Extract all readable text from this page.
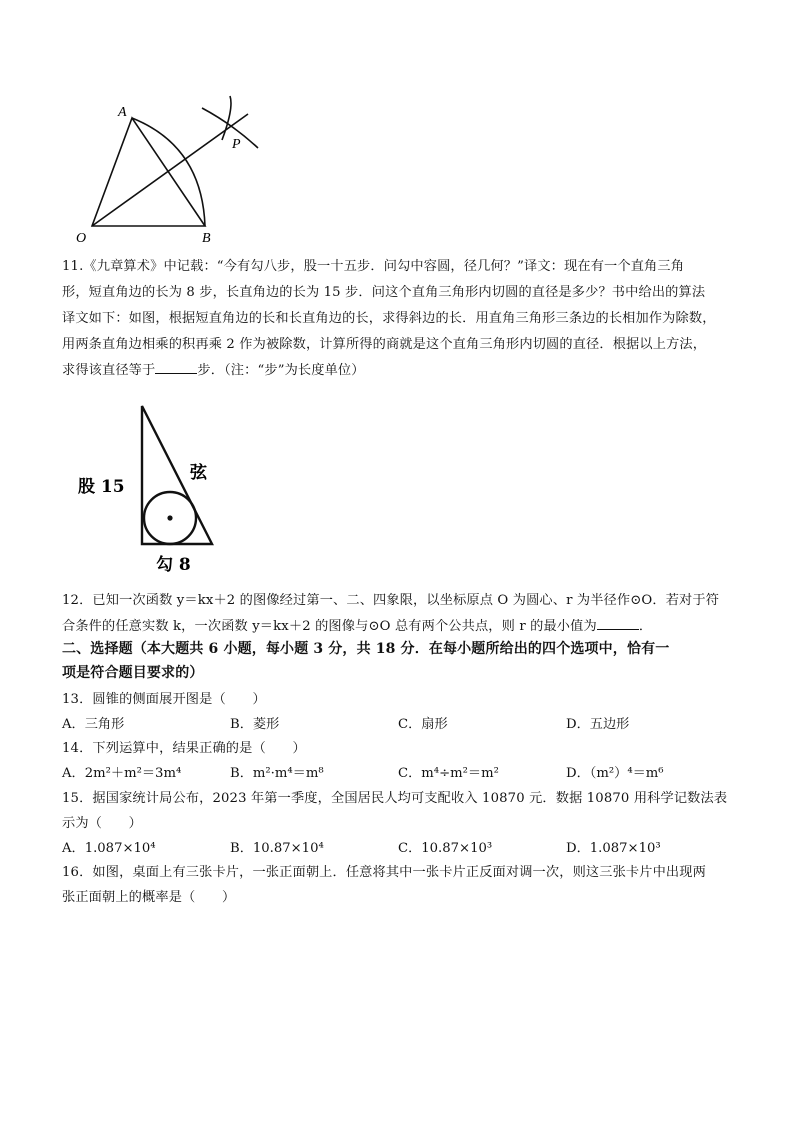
A
O	B
P
11.《九章算术》中记载：“今有勾八步，股一十五步．问勾中容圆，径几何？”译文：现在有一个直角三角
形，短直角边的长为 8 步，长直角边的长为 15 步．问这个直角三角形内切圆的直径是多少？书中给出的算法
译文如下：如图，根据短直角边的长和长直角边的长，求得斜边的长．用直角三角形三条边的长相加作为除数，
用两条直角边相乘的积再乘 2 作为被除数，计算所得的商就是这个直角三角形内切圆的直径．根据以上方法，
求得该直径等于	步．（注：“步”为长度单位）
股 15
弦
勾 8
12．已知一次函数 y＝kx＋2 的图像经过第一、二、四象限，以坐标原点 O 为圆心、r 为半径作⊙O．若对于符
合条件的任意实数 k，一次函数 y＝kx＋2 的图像与⊙O 总有两个公共点，则 r 的最小值为	．
二、选择题（本大题共 6 小题，每小题 3 分，共 18 分．在每小题所给出的四个选项中，恰有一
项是符合题目要求的）
13．圆锥的侧面展开图是（　　）
A．三角形	B．菱形	C．扇形	D．五边形
14．下列运算中，结果正确的是（　　）
A．2m²＋m²＝3m⁴	B．m²·m⁴＝m⁸	C．m⁴÷m²＝m²	D．（m²）⁴＝m⁶
15．据国家统计局公布，2023 年第一季度，全国居民人均可支配收入 10870 元．数据 10870 用科学记数法表
示为（　　）
A．1.087×10⁴	B．10.87×10⁴	C．10.87×10³	D．1.087×10³
16．如图，桌面上有三张卡片，一张正面朝上．任意将其中一张卡片正反面对调一次，则这三张卡片中出现两
张正面朝上的概率是（　　）
